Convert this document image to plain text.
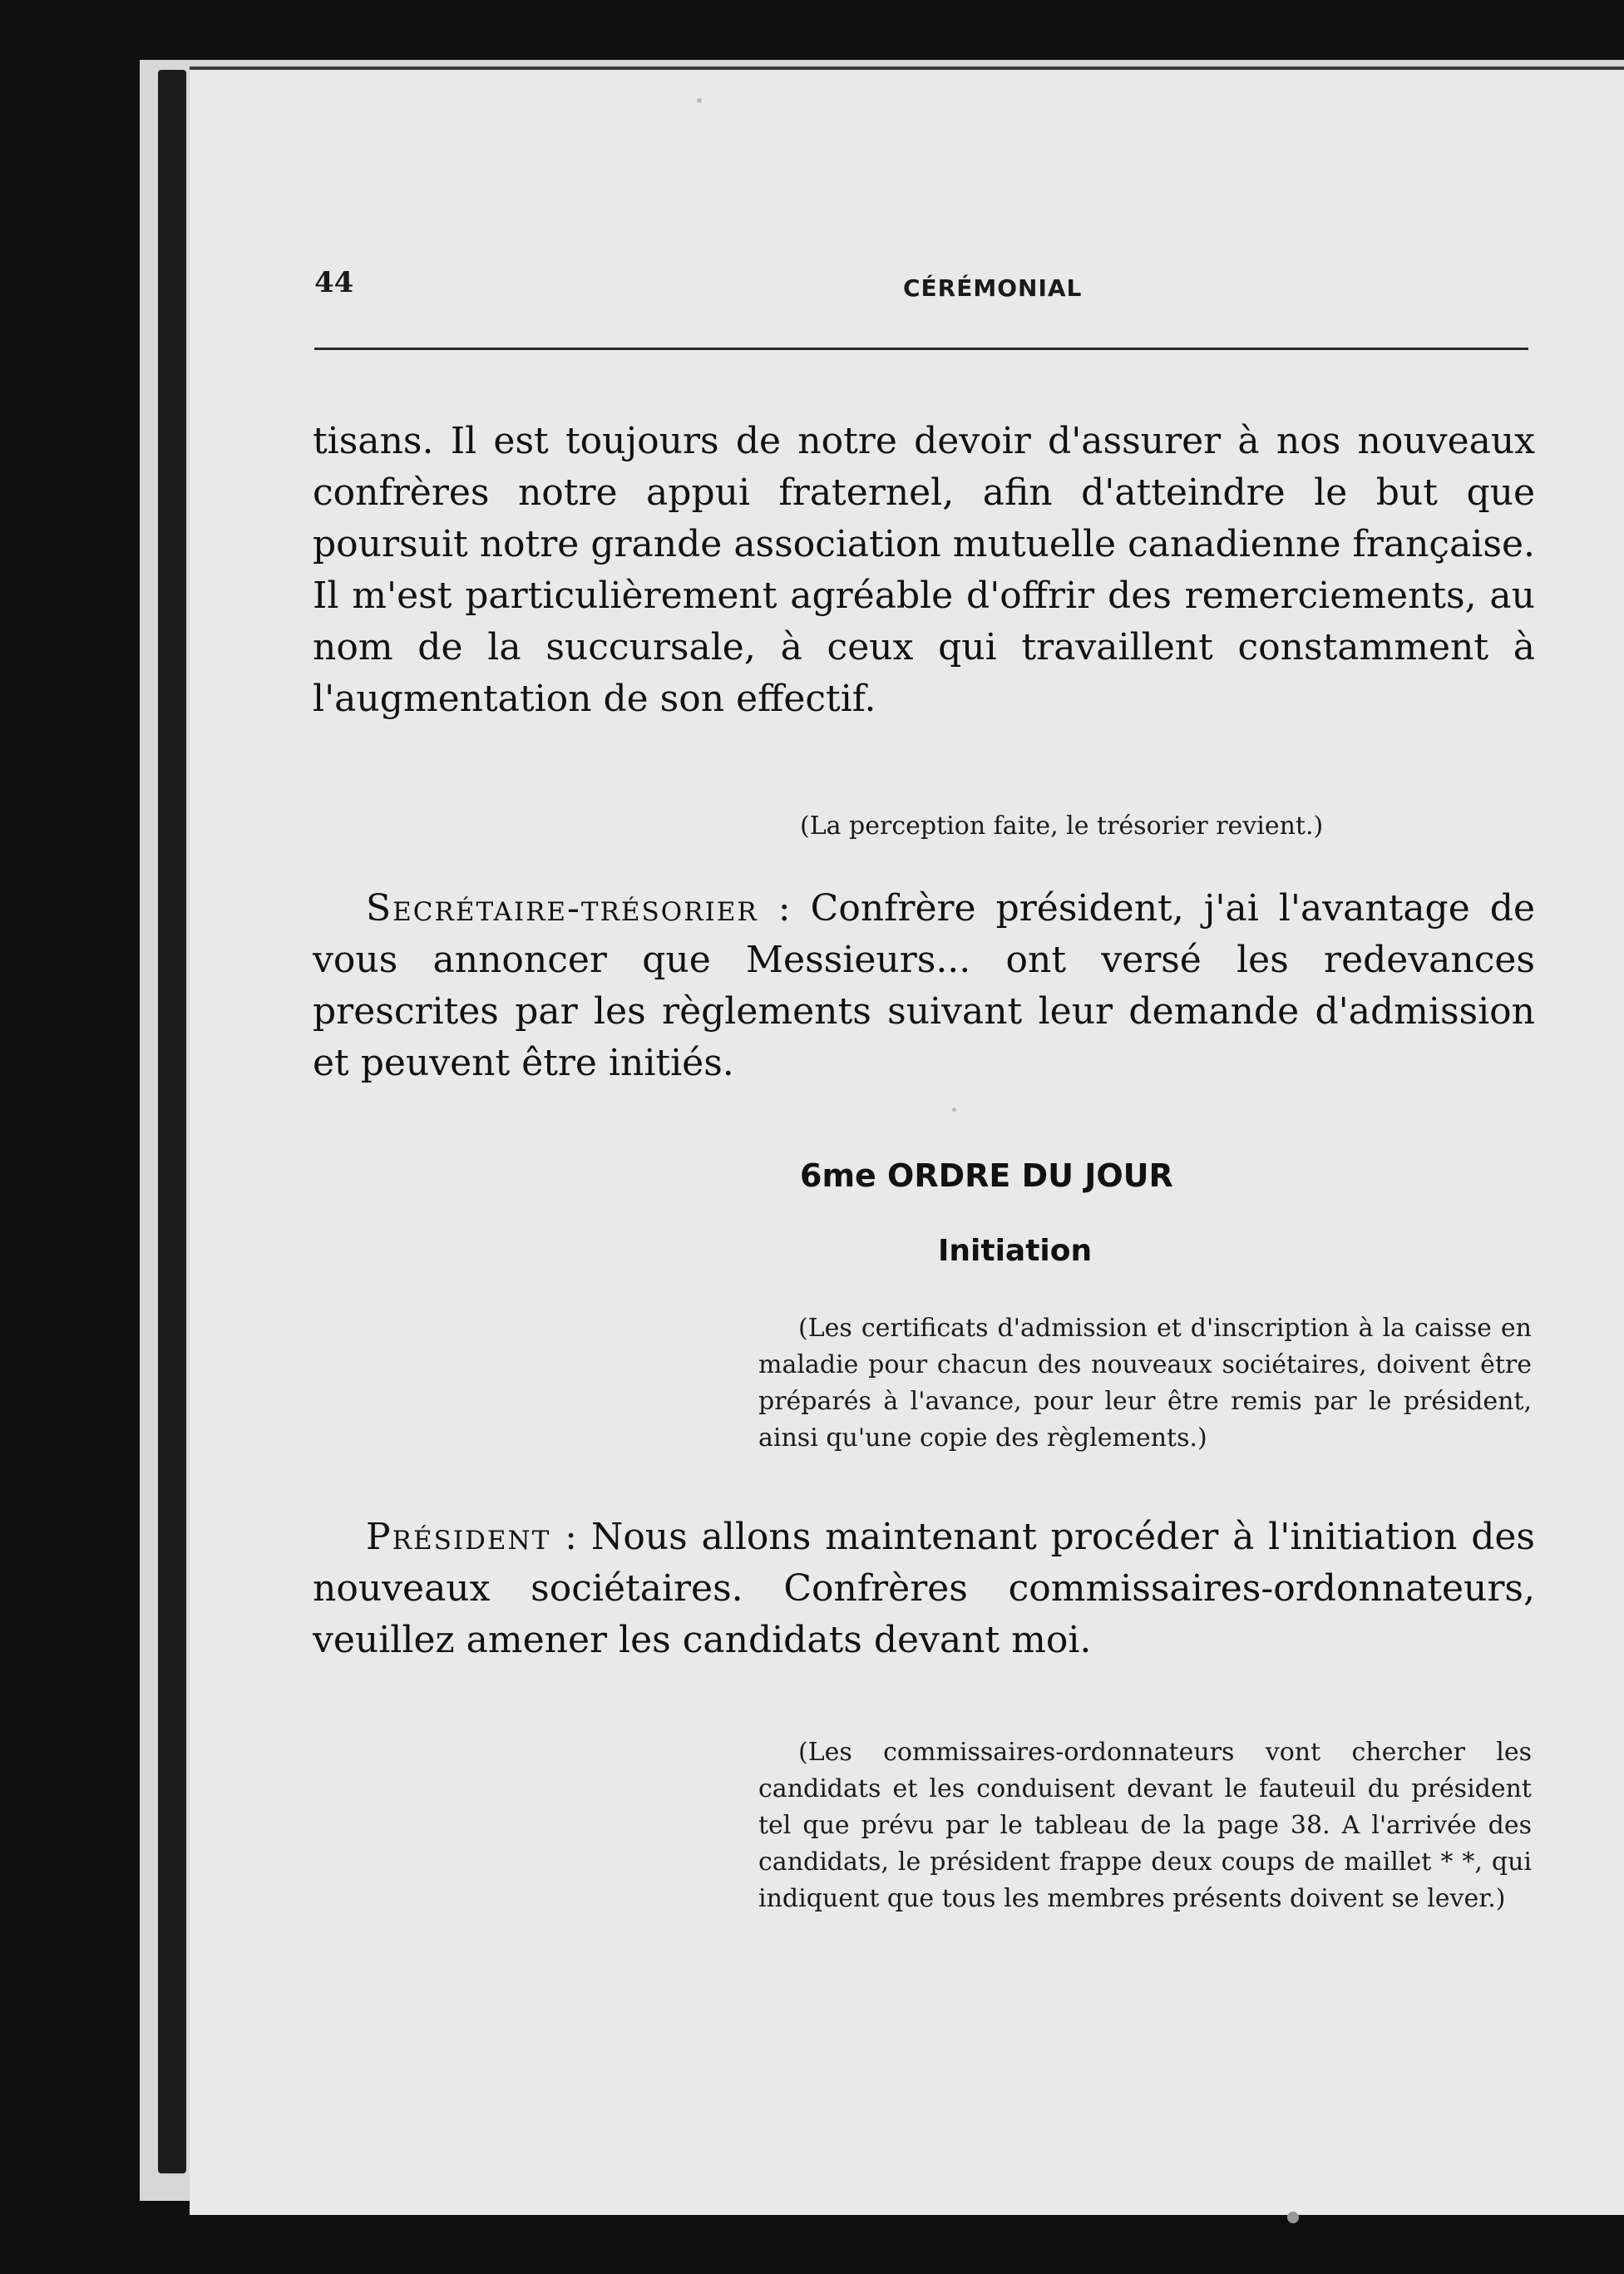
44	CÉRÉMONIAL
tisans. Il est toujours de notre devoir d'assurer à nos nouveaux confrères notre appui fraternel, afin d'atteindre le but que poursuit notre grande association mutuelle canadienne française. Il m'est particulièrement agréable d'offrir des remerciements, au nom de la succursale, à ceux qui travaillent constamment à l'augmentation de son effectif.
(La perception faite, le trésorier revient.)
Secrétaire-trésorier : Confrère président, j'ai l'avantage de vous annoncer que Messieurs... ont versé les redevances prescrites par les règlements suivant leur demande d'admission et peuvent être initiés.
6me ORDRE DU JOUR
Initiation
(Les certificats d'admission et d'inscription à la caisse en maladie pour chacun des nouveaux sociétaires, doivent être préparés à l'avance, pour leur être remis par le président, ainsi qu'une copie des règlements.)
Président : Nous allons maintenant procéder à l'initiation des nouveaux sociétaires. Confrères commissaires-ordonnateurs, veuillez amener les candidats devant moi.
(Les commissaires-ordonnateurs vont chercher les candidats et les conduisent devant le fauteuil du président tel que prévu par le tableau de la page 38. A l'arrivée des candidats, le président frappe deux coups de maillet * *, qui indiquent que tous les membres présents doivent se lever.)
